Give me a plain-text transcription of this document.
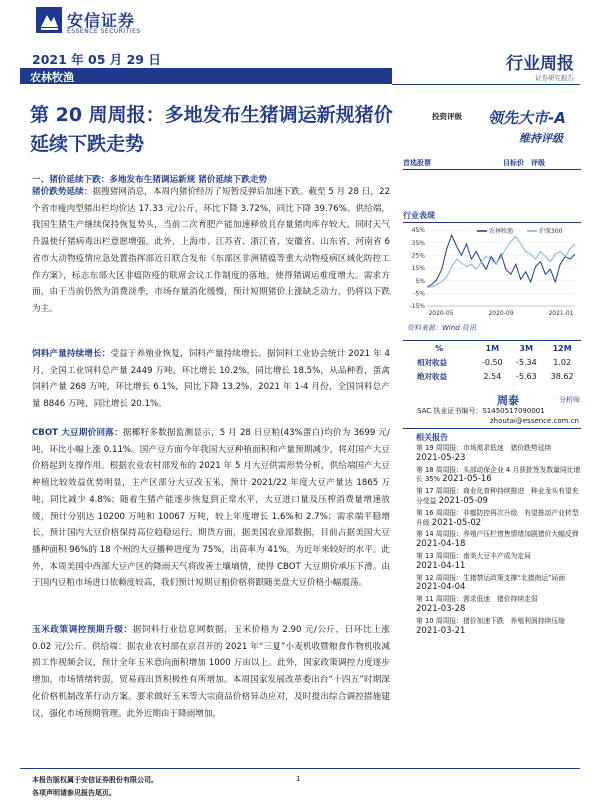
安信证券
ESSENCE SECURITIES
2021 年 05 月 29 日
农林牧渔
行业周报
证券研究报告
第 20 周周报：多地发布生猪调运新规猪价延续下跌走势
投资评级 领先大市-A
维持评级
首选股票	目标价　评级
一、猪价延续下跌：多地发布生猪调运新规 猪价延续下跌走势

猪价跌势延续：据搜猪网消息，本周内猪价经历了短暂反弹后加速下跌。截至 5 月 28 日，22 个省市瘦肉型猪出栏均价达 17.33 元/公斤，环比下降 3.72%，同比下降 39.76%。供给端，我国生猪生产继续保持恢复势头，当前二次育肥产能加速释放且存量猪肉库存较大。同时天气升温使仔猪病毒出栏意愿增强。此外，上海市、江苏省、浙江省、安徽省、山东省、河南省 6 省市大动物疫情应急处置指挥部近日联合发布《东部区非洲猪瘟等重大动物疫病区域化防控工作方案》，标志东部大区非瘟防疫的联席会议工作制度的落地，使得猪调运难度增大。需求方面，由于当前仍然为消费淡季，市场存量消化缓慢，预计短期猪价上涨缺乏动力，仍将以下跌为主。

饲料产量持续增长：受益于养殖业恢复，饲料产量持续增长。据饲料工业协会统计 2021 年 4 月，全国工业饲料总产量 2449 万吨，环比增长 10.2%，同比增长 18.5%，从品种看，蛋禽饲料产量 268 万吨，环比增长 6.1%，同比下降 13.2%，2021 年 1-4 月份，全国饲料总产量 8846 万吨，同比增长 20.1%。

CBOT 大豆期价回落：据椰籽多数据监测显示，5 月 28 日豆粕(43%蛋白)均价为 3699 元/吨，环比小幅上涨 0.11%。国产豆方面今年我国大豆种植面积和产量预期减少，将对国产大豆价格起到支撑作用。根据农业农村部发布的 2021 年 5 月大豆供需形势分析，供给端国产大豆种植比较效益优势明显，主产区部分大豆改玉米，预计 2021/22 年度大豆产量达 1865 万吨，同比减少 4.8%；随着生猪产能逐步恢复到正常水平，大豆进口量及压榨消费量增速放缓，预计分别达 10200 万吨和 10067 万吨，较上年度增长 1.6%和 2.7%；需求端平稳增长，预计国内大豆价格保持高位趋稳运行。期货方面，据美国农业部数据，目前占据美国大豆播种面积 96%的 18 个州的大豆播种进度为 75%，出苗率为 41%，为近年来较好的水平。此外，本周美国中西部大豆产区的降雨天气将改善土壤墒情，使得 CBOT 大豆期价承压下滑。由于国内豆粕市场进口依赖度较高，我们预计短期豆粕价格将跟随美盘大豆价格小幅震荡。

玉米政策调控预期升级：据饲料行业信息网数据，玉米价格为 2.90 元/公斤，日环比上涨 0.02 元/公斤。供给端：据农业农村部在京召开的 2021 年“三夏”小麦机收暨粮食作物机收减损工作视频会议，预计全年玉米意向面积增加 1000 万亩以上。此外，国家政策调控力度逐步增加，市场情绪转弱，贸易商出货积极性有所增加。本周国家发展改革委出台“十四五”时期深化价格机制改革行动方案。要求做好玉米等大宗商品价格异动应对，及时提出综合调控措施建议，强化市场预期管理。此外近期由于降雨增加，

行业表现
45%
35%
25%
15%
5%
-5%
-15%
2020-05	2020-09	2021-01
农林牧渔	沪深300
资料来源：Wind 资讯
%	1M	3M	12M
相对收益	-0.50	-5.34	1.02
绝对收益	2.54	-5.63	38.62
周泰	分析师
SAC 执业证书编号：S1450517090001
zhoutai@essence.com.cn
相关报告
第 19 周周报：市场需求低迷　猪价跌势延续 2021-05-23
第 18 周周报：头部动保企业 4 月获批签发数量同比增长 35% 2021-05-16
第 17 周周报：商业化育种持续推进　种业龙头有望充分受益 2021-05-09
第 16 周周报：非瘟防控再次升级　有望推动产业转型升级 2021-05-02
第 14 周周报：养殖户压栏惜售情绪加剧猪价大幅反弹 2021-04-18
第 13 周周报：南美大豆丰产成为定局 2021-04-11
第 12 周周报：生猪禁运政策支撑“北猪南运”局面 2021-04-04
第 11 周周报：需求低迷　猪价持续走弱 2021-03-28
第 10 周周报：猪价加速下跌　养殖利润持续压缩 2021-03-21
本报告版权属于安信证券股份有限公司。
各项声明请参见报告尾页。
1
